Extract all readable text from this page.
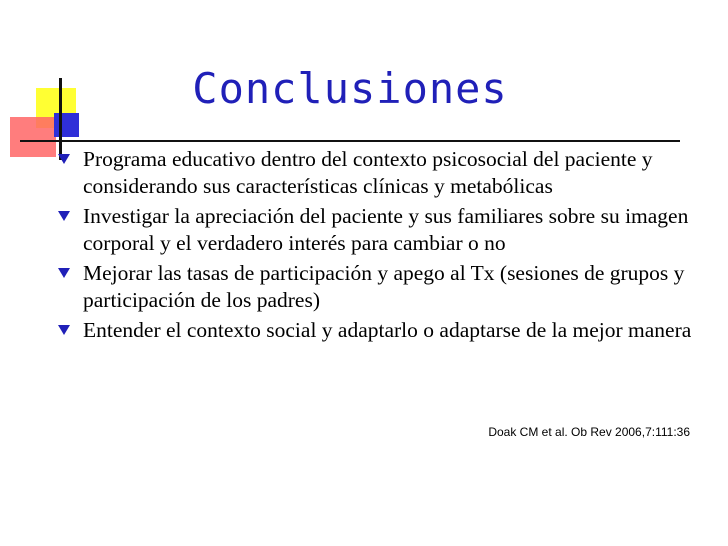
Conclusiones
Programa educativo dentro del contexto psicosocial del paciente y considerando sus características clínicas y metabólicas
Investigar la apreciación del paciente y sus familiares sobre su imagen corporal y el verdadero interés para cambiar o no
Mejorar las tasas de participación y apego al Tx (sesiones de grupos y participación de los padres)
Entender el contexto social y adaptarlo o adaptarse de la mejor manera
Doak CM et al. Ob Rev 2006,7:111:36
